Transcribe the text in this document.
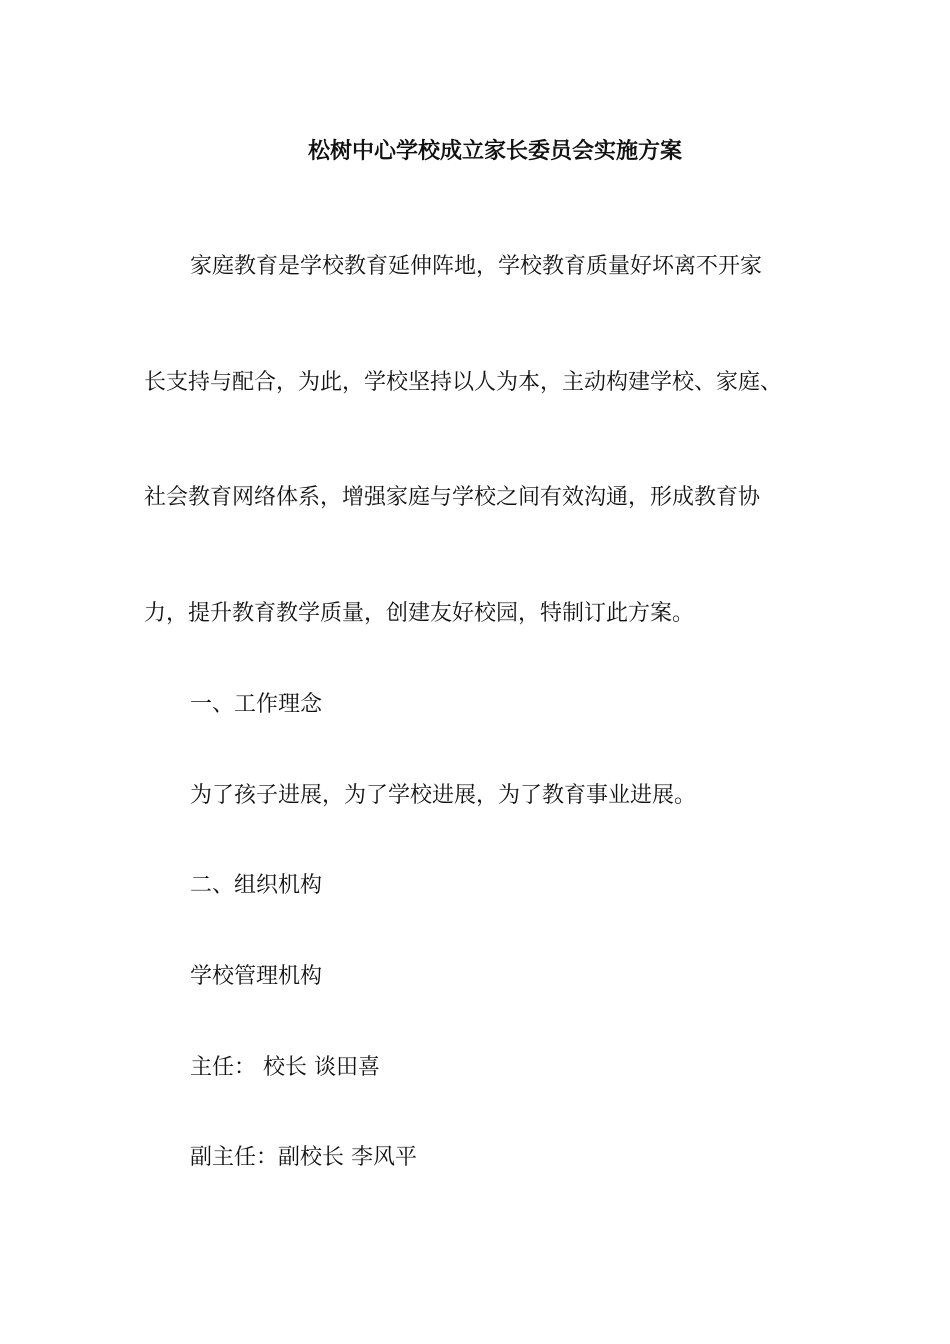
松树中心学校成立家长委员会实施方案
家庭教育是学校教育延伸阵地，学校教育质量好坏离不开家
长支持与配合，为此，学校坚持以人为本，主动构建学校、家庭、
社会教育网络体系，增强家庭与学校之间有效沟通，形成教育协
力，提升教育教学质量，创建友好校园，特制订此方案。
一、工作理念
为了孩子进展，为了学校进展，为了教育事业进展。
二、组织机构
学校管理机构
主任： 校长 谈田喜
副主任：副校长 李风平
